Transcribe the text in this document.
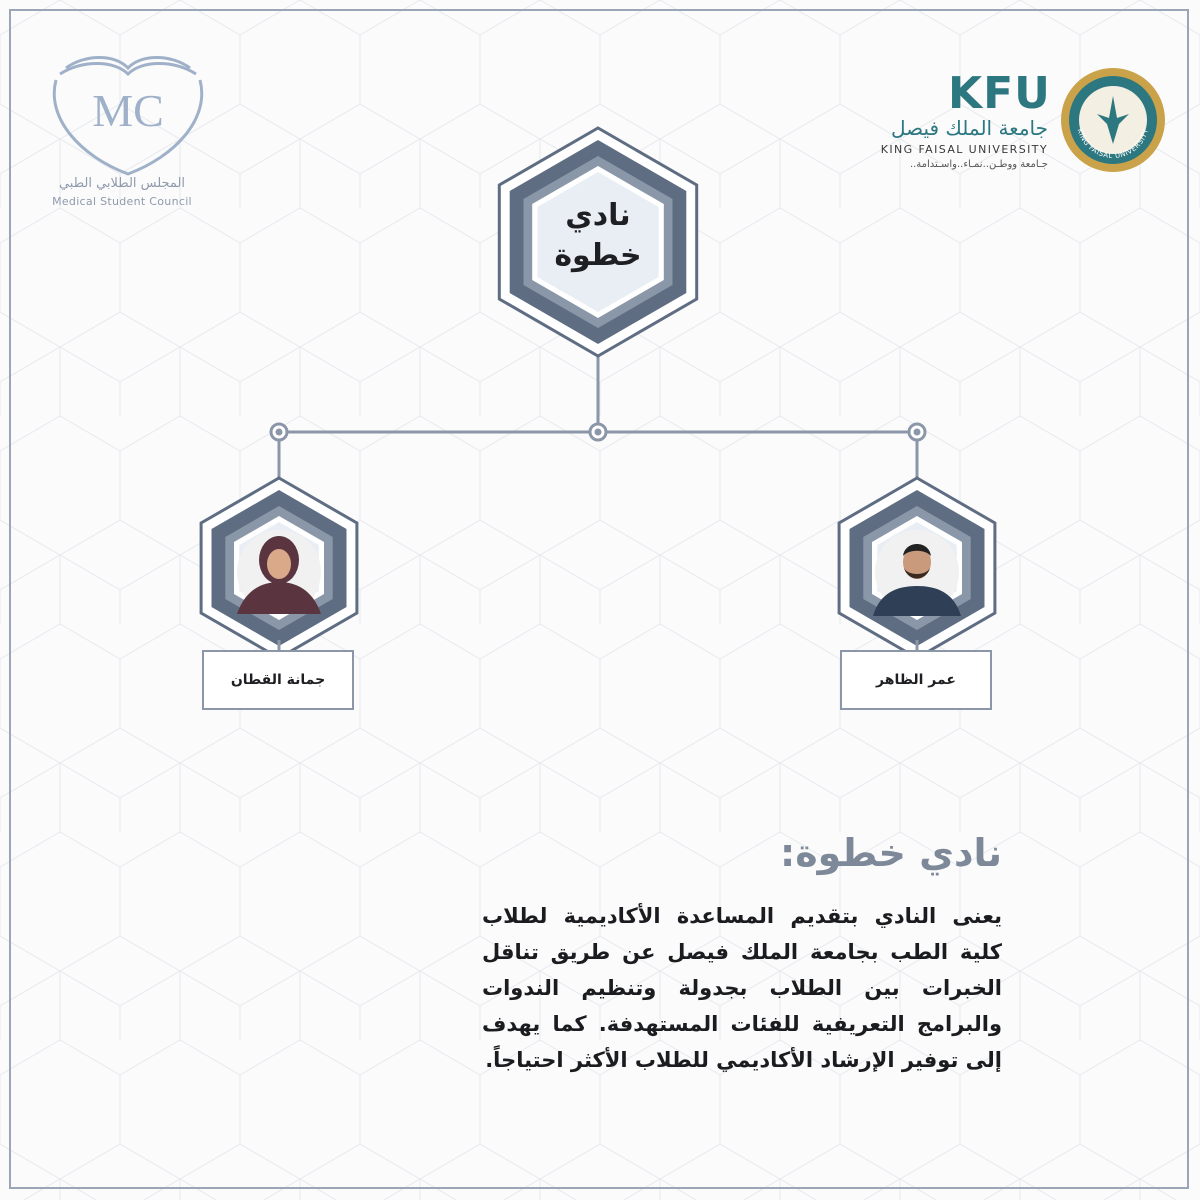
MC
المجلس الطلابي الطبي
Medical Student Council
KFU
جامعة الملك فيصل
KING FAISAL UNIVERSITY
جـامعة ووطـن..نمـاء..واسـتدامة..
KING FAISAL UNIVERSITY
نادي
خطوة
جمانة القطان	عمر الظاهر
نادي خطوة:
يعنى النادي بتقديم المساعدة الأكاديمية لطلاب كلية الطب بجامعة الملك فيصل عن طريق تناقل الخبرات بين الطلاب بجدولة وتنظيم الندوات والبرامج التعريفية للفئات المستهدفة. كما يهدف إلى توفير الإرشاد الأكاديمي للطلاب الأكثر احتياجاً.
